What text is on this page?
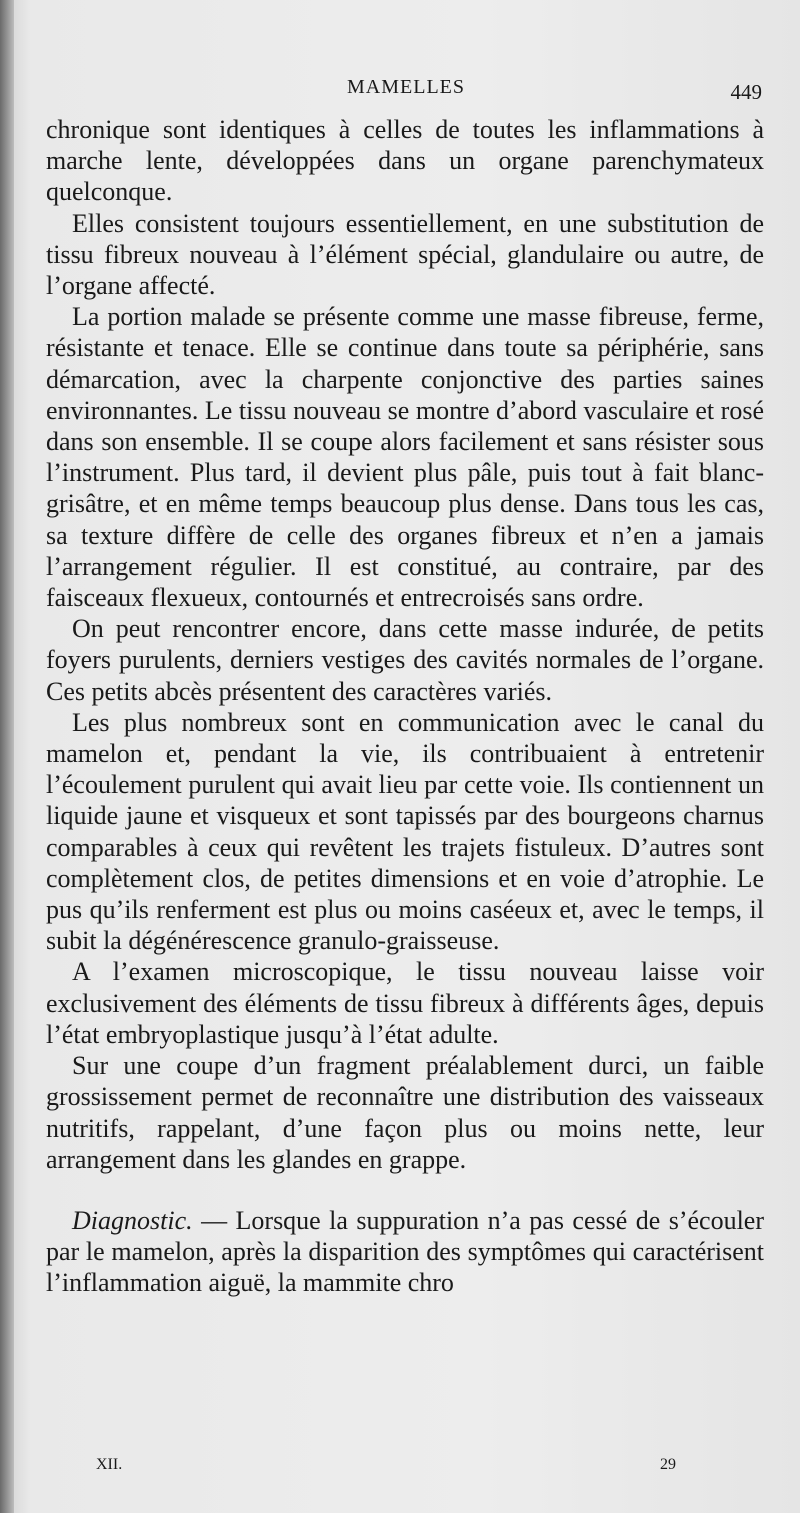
MAMELLES	449

chronique sont identiques à celles de toutes les inflammations à marche lente, développées dans un organe parenchymateux quelconque.

Elles consistent toujours essentiellement, en une substitution de tissu fibreux nouveau à l’élément spécial, glandulaire ou autre, de l’organe affecté.

La portion malade se présente comme une masse fibreuse, ferme, résistante et tenace. Elle se continue dans toute sa périphérie, sans démarcation, avec la charpente conjonctive des parties saines environnantes. Le tissu nouveau se montre d’abord vasculaire et rosé dans son ensemble. Il se coupe alors facilement et sans résister sous l’instrument. Plus tard, il devient plus pâle, puis tout à fait blancgrisâtre, et en même temps beaucoup plus dense. Dans tous les cas, sa texture diffère de celle des organes fibreux et n’en a jamais l’arrangement régulier. Il est constitué, au contraire, par des faisceaux flexueux, contournés et entrecroisés sans ordre.

On peut rencontrer encore, dans cette masse indurée, de petits foyers purulents, derniers vestiges des cavités normales de l’organe. Ces petits abcès présentent des caractères variés.

Les plus nombreux sont en communication avec le canal du mamelon et, pendant la vie, ils contribuaient à entretenir l’écoulement purulent qui avait lieu par cette voie. Ils contiennent un liquide jaune et visqueux et sont tapissés par des bourgeons charnus comparables à ceux qui revêtent les trajets fistuleux. D’autres sont complètement clos, de petites dimensions et en voie d’atrophie. Le pus qu’ils renferment est plus ou moins caséeux et, avec le temps, il subit la dégénérescence granulo-graisseuse.

A l’examen microscopique, le tissu nouveau laisse voir exclusivement des éléments de tissu fibreux à différents âges, depuis l’état embryoplastique jusqu’à l’état adulte.

Sur une coupe d’un fragment préalablement durci, un faible grossissement permet de reconnaître une distribution des vaisseaux nutritifs, rappelant, d’une façon plus ou moins nette, leur arrangement dans les glandes en grappe.

Diagnostic. — Lorsque la suppuration n’a pas cessé de s’écouler par le mamelon, après la disparition des symptômes qui caractérisent l’inflammation aiguë, la mammite chro

XII.	29
